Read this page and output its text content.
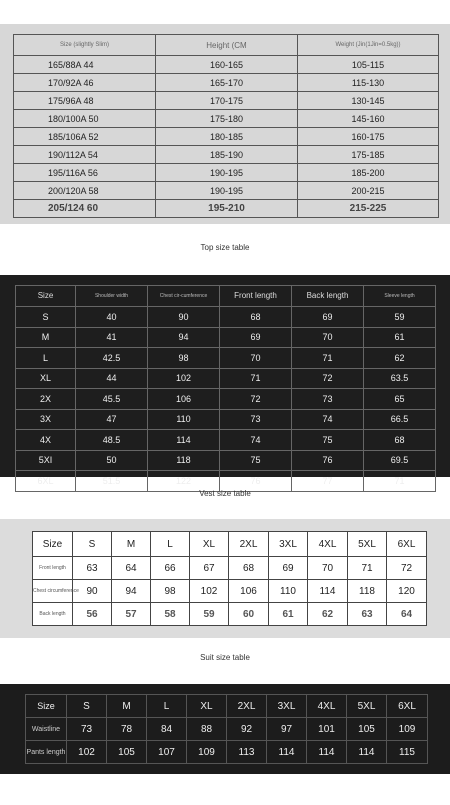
Size (slightly Slim)	Height (CM	Weight (Jin(1Jin=0.5kg))
165/88A 44	160-165	105-115
170/92A 46	165-170	115-130
175/96A 48	170-175	130-145
180/100A 50	175-180	145-160
185/106A 52	180-185	160-175
190/112A 54	185-190	175-185
195/116A 56	190-195	185-200
200/120A 58	190-195	200-215
205/124 60	195-210	215-225
Top size table
Size	Shoulder width	Chest cir-cumference	Front length	Back length	Sleeve length
S	40	90	68	69	59
M	41	94	69	70	61
L	42.5	98	70	71	62
XL	44	102	71	72	63.5
2X	45.5	106	72	73	65
3X	47	110	73	74	66.5
4X	48.5	114	74	75	68
5XI	50	118	75	76	69.5
6XL	51.5	122	76	77	71
Vest size table
Size	S	M	L	XL	2XL	3XL	4XL	5XL	6XL
Front length	63	64	66	67	68	69	70	71	72
Chest circumference	90	94	98	102	106	110	114	118	120
Back length	56	57	58	59	60	61	62	63	64
Suit size table
Size	S	M	L	XL	2XL	3XL	4XL	5XL	6XL
Waistline	73	78	84	88	92	97	101	105	109
Pants length	102	105	107	109	113	114	114	114	115
